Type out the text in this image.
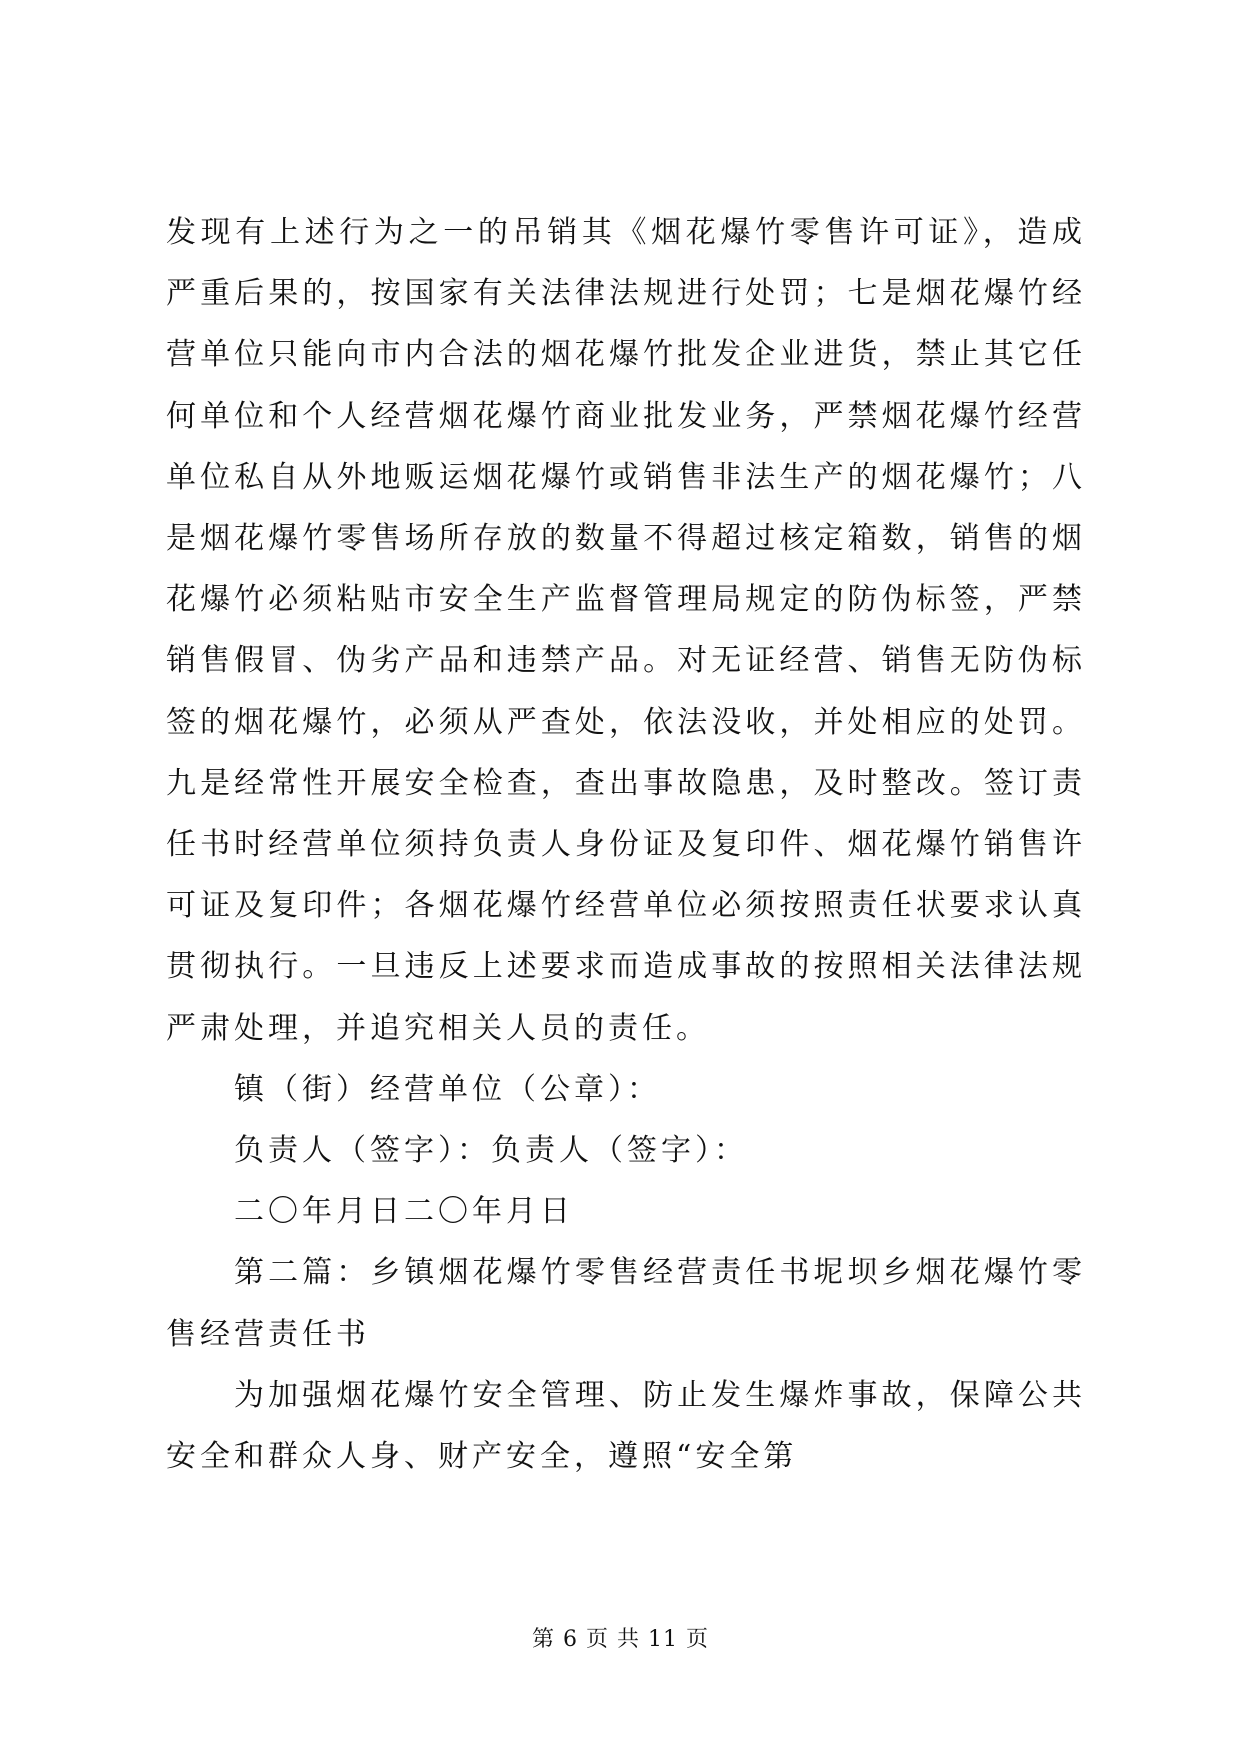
发现有上述行为之一的吊销其《烟花爆竹零售许可证》，造成严重后果的，按国家有关法律法规进行处罚；七是烟花爆竹经营单位只能向市内合法的烟花爆竹批发企业进货，禁止其它任何单位和个人经营烟花爆竹商业批发业务，严禁烟花爆竹经营单位私自从外地贩运烟花爆竹或销售非法生产的烟花爆竹；八是烟花爆竹零售场所存放的数量不得超过核定箱数，销售的烟花爆竹必须粘贴市安全生产监督管理局规定的防伪标签，严禁销售假冒、伪劣产品和违禁产品。对无证经营、销售无防伪标签的烟花爆竹，必须从严查处，依法没收，并处相应的处罚。九是经常性开展安全检查，查出事故隐患，及时整改。签订责任书时经营单位须持负责人身份证及复印件、烟花爆竹销售许可证及复印件；各烟花爆竹经营单位必须按照责任状要求认真贯彻执行。一旦违反上述要求而造成事故的按照相关法律法规严肃处理，并追究相关人员的责任。

镇（街）经营单位（公章）：

负责人（签字）：负责人（签字）：

二〇年月日二〇年月日

第二篇：乡镇烟花爆竹零售经营责任书坭坝乡烟花爆竹零售经营责任书

为加强烟花爆竹安全管理、防止发生爆炸事故，保障公共安全和群众人身、财产安全，遵照“安全第

第 6 页 共 11 页
